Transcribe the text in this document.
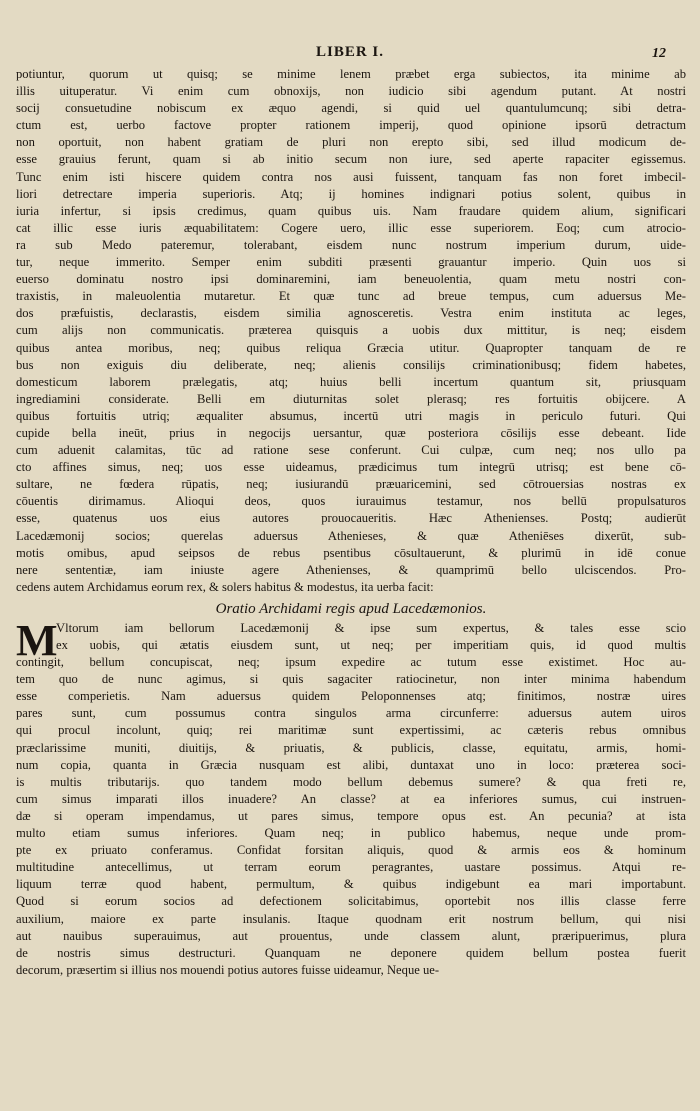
LIBER I.	12
potiuntur, quorum ut quisq; se minime lenem præbet erga subiectos, ita minime ab
illis uituperatur. Vi enim cum obnoxijs, non iudicio sibi agendum putant. At nostri
socij consuetudine nobiscum ex æquo agendi, si quid uel quantulumcunq; sibi detra-
ctum est, uerbo factove propter rationem imperij, quod opinione ipsorū detractum
non oportuit, non habent gratiam de pluri non erepto sibi, sed illud modicum de-
esse grauius ferunt, quam si ab initio secum non iure, sed aperte rapaciter egissemus.
Tunc enim isti hiscere quidem contra nos ausi fuissent, tanquam fas non foret imbecil-
liori detrectare imperia superioris. Atq; ij homines indignari potius solent, quibus in
iuria infertur, si ipsis credimus, quam quibus uis. Nam fraudare quidem alium, significari
cat illic esse iuris æquabilitatem: Cogere uero, illic esse superiorem. Eoq; cum atrocio-
ra sub Medo pateremur, tolerabant, eisdem nunc nostrum imperium durum, uide-
tur, neque immerito. Semper enim subditi præsenti grauantur imperio. Quin uos si
euerso dominatu nostro ipsi dominaremini, iam beneuolentia, quam metu nostri con-
traxistis, in maleuolentia mutaretur. Et quæ tunc ad breue tempus, cum aduersus Me-
dos præfuistis, declarastis, eisdem similia agnosceretis. Vestra enim instituta ac leges,
cum alijs non communicatis. præterea quisquis a uobis dux mittitur, is neq; eisdem
quibus antea moribus, neq; quibus reliqua Græcia utitur. Quapropter tanquam de re
bus non exiguis diu deliberate, neq; alienis consilijs criminationibusq; fidem habetes,
domesticum laborem prælegatis, atq; huius belli incertum quantum sit, priusquam
ingrediamini considerate. Belli em diuturnitas solet plerasq; res fortuitis obijcere. A
quibus fortuitis utriq; æqualiter absumus, incertū utri magis in periculo futuri. Qui
cupide bella ineūt, prius in negocijs uersantur, quæ posteriora cōsilijs esse debeant. Iide
cum aduenit calamitas, tūc ad ratione sese conferunt. Cui culpæ, cum neq; nos ullo pa
cto affines simus, neq; uos esse uideamus, prædicimus tum integrū utrisq; est bene cō-
sultare, ne fœdera rūpatis, neq; iusiurandū præuaricemini, sed cōtrouersias nostras ex
cōuentis dirimamus. Alioqui deos, quos iurauimus testamur, nos bellū propulsaturos
esse, quatenus uos eius autores prouocaueritis. Hæc Athenienses. Postq; audierūt
Lacedæmonij socios; querelas aduersus Athenieses, & quæ Atheniēses dixerūt, sub-
motis omibus, apud seipsos de rebus psentibus cōsultauerunt, & plurimū in idē conue
nere sententiæ, iam iniuste agere Athenienses, & quamprimū bello ulciscendos. Pro-
cedens autem Archidamus eorum rex, & solers habitus & modestus, ita uerba facit:
Oratio Archidami regis apud Lacedæmonios.
M
Vltorum iam bellorum Lacedæmonij & ipse sum expertus, & tales esse scio
ex uobis, qui ætatis eiusdem sunt, ut neq; per imperitiam quis, id quod multis
contingit, bellum concupiscat, neq; ipsum expedire ac tutum esse existimet. Hoc au-
tem quo de nunc agimus, si quis sagaciter ratiocinetur, non inter minima habendum
esse comperietis. Nam aduersus quidem Peloponnenses atq; finitimos, nostræ uires
pares sunt, cum possumus contra singulos arma circunferre: aduersus autem uiros
qui procul incolunt, quiq; rei maritimæ sunt expertissimi, ac cæteris rebus omnibus
præclarissime muniti, diuitijs, & priuatis, & publicis, classe, equitatu, armis, homi-
num copia, quanta in Græcia nusquam est alibi, duntaxat uno in loco: præterea soci-
is multis tributarijs. quo tandem modo bellum debemus sumere? & qua freti re,
cum simus imparati illos inuadere? An classe? at ea inferiores sumus, cui instruen-
dæ si operam impendamus, ut pares simus, tempore opus est. An pecunia? at ista
multo etiam sumus inferiores. Quam neq; in publico habemus, neque unde prom-
pte ex priuato conferamus. Confidat forsitan aliquis, quod & armis eos & hominum
multitudine antecellimus, ut terram eorum peragrantes, uastare possimus. Atqui re-
liquum terræ quod habent, permultum, & quibus indigebunt ea mari importabunt.
Quod si eorum socios ad defectionem solicitabimus, oportebit nos illis classe ferre
auxilium, maiore ex parte insulanis. Itaque quodnam erit nostrum bellum, qui nisi
aut nauibus superauimus, aut prouentus, unde classem alunt, præripuerimus, plura
de nostris simus destructuri. Quanquam ne deponere quidem bellum postea fuerit
decorum, præsertim si illius nos mouendi potius autores fuisse uideamur, Neque ue-
